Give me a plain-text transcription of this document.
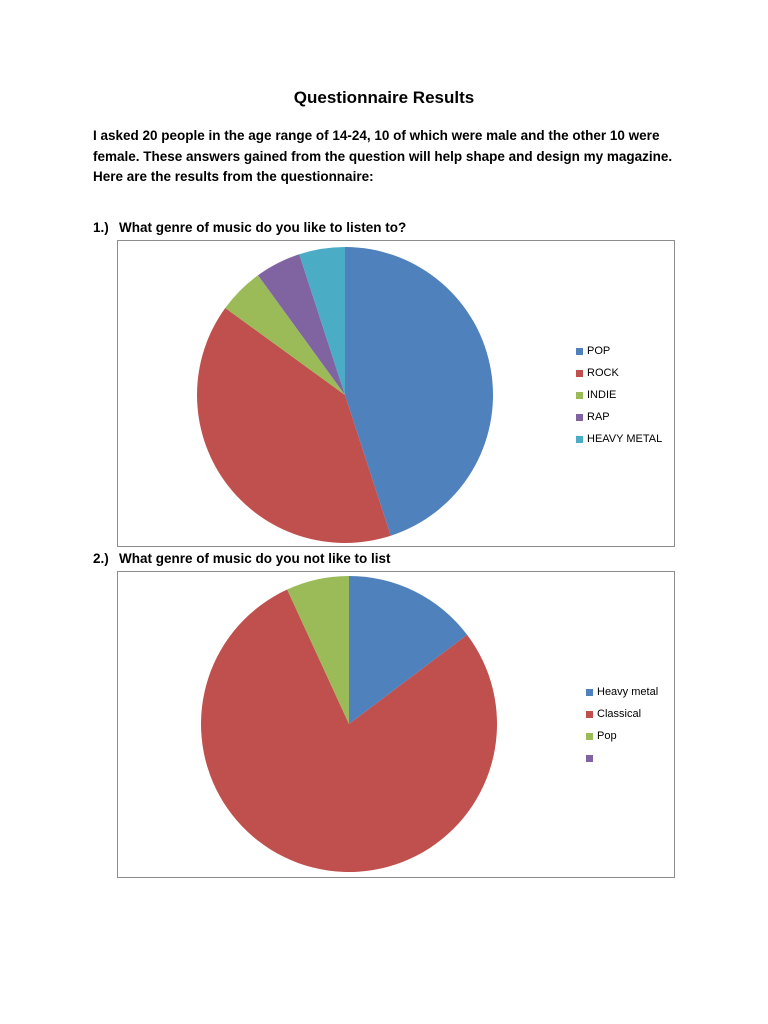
Questionnaire Results

I asked 20 people in the age range of 14-24, 10 of which were male and the other 10 were female. These answers gained from the question will help shape and design my magazine. Here are the results from the questionnaire:

1.) What genre of music do you like to listen to?
POP
ROCK
INDIE
RAP
HEAVY METAL
2.) What genre of music do you not like to list
Heavy metal
Classical
Pop
